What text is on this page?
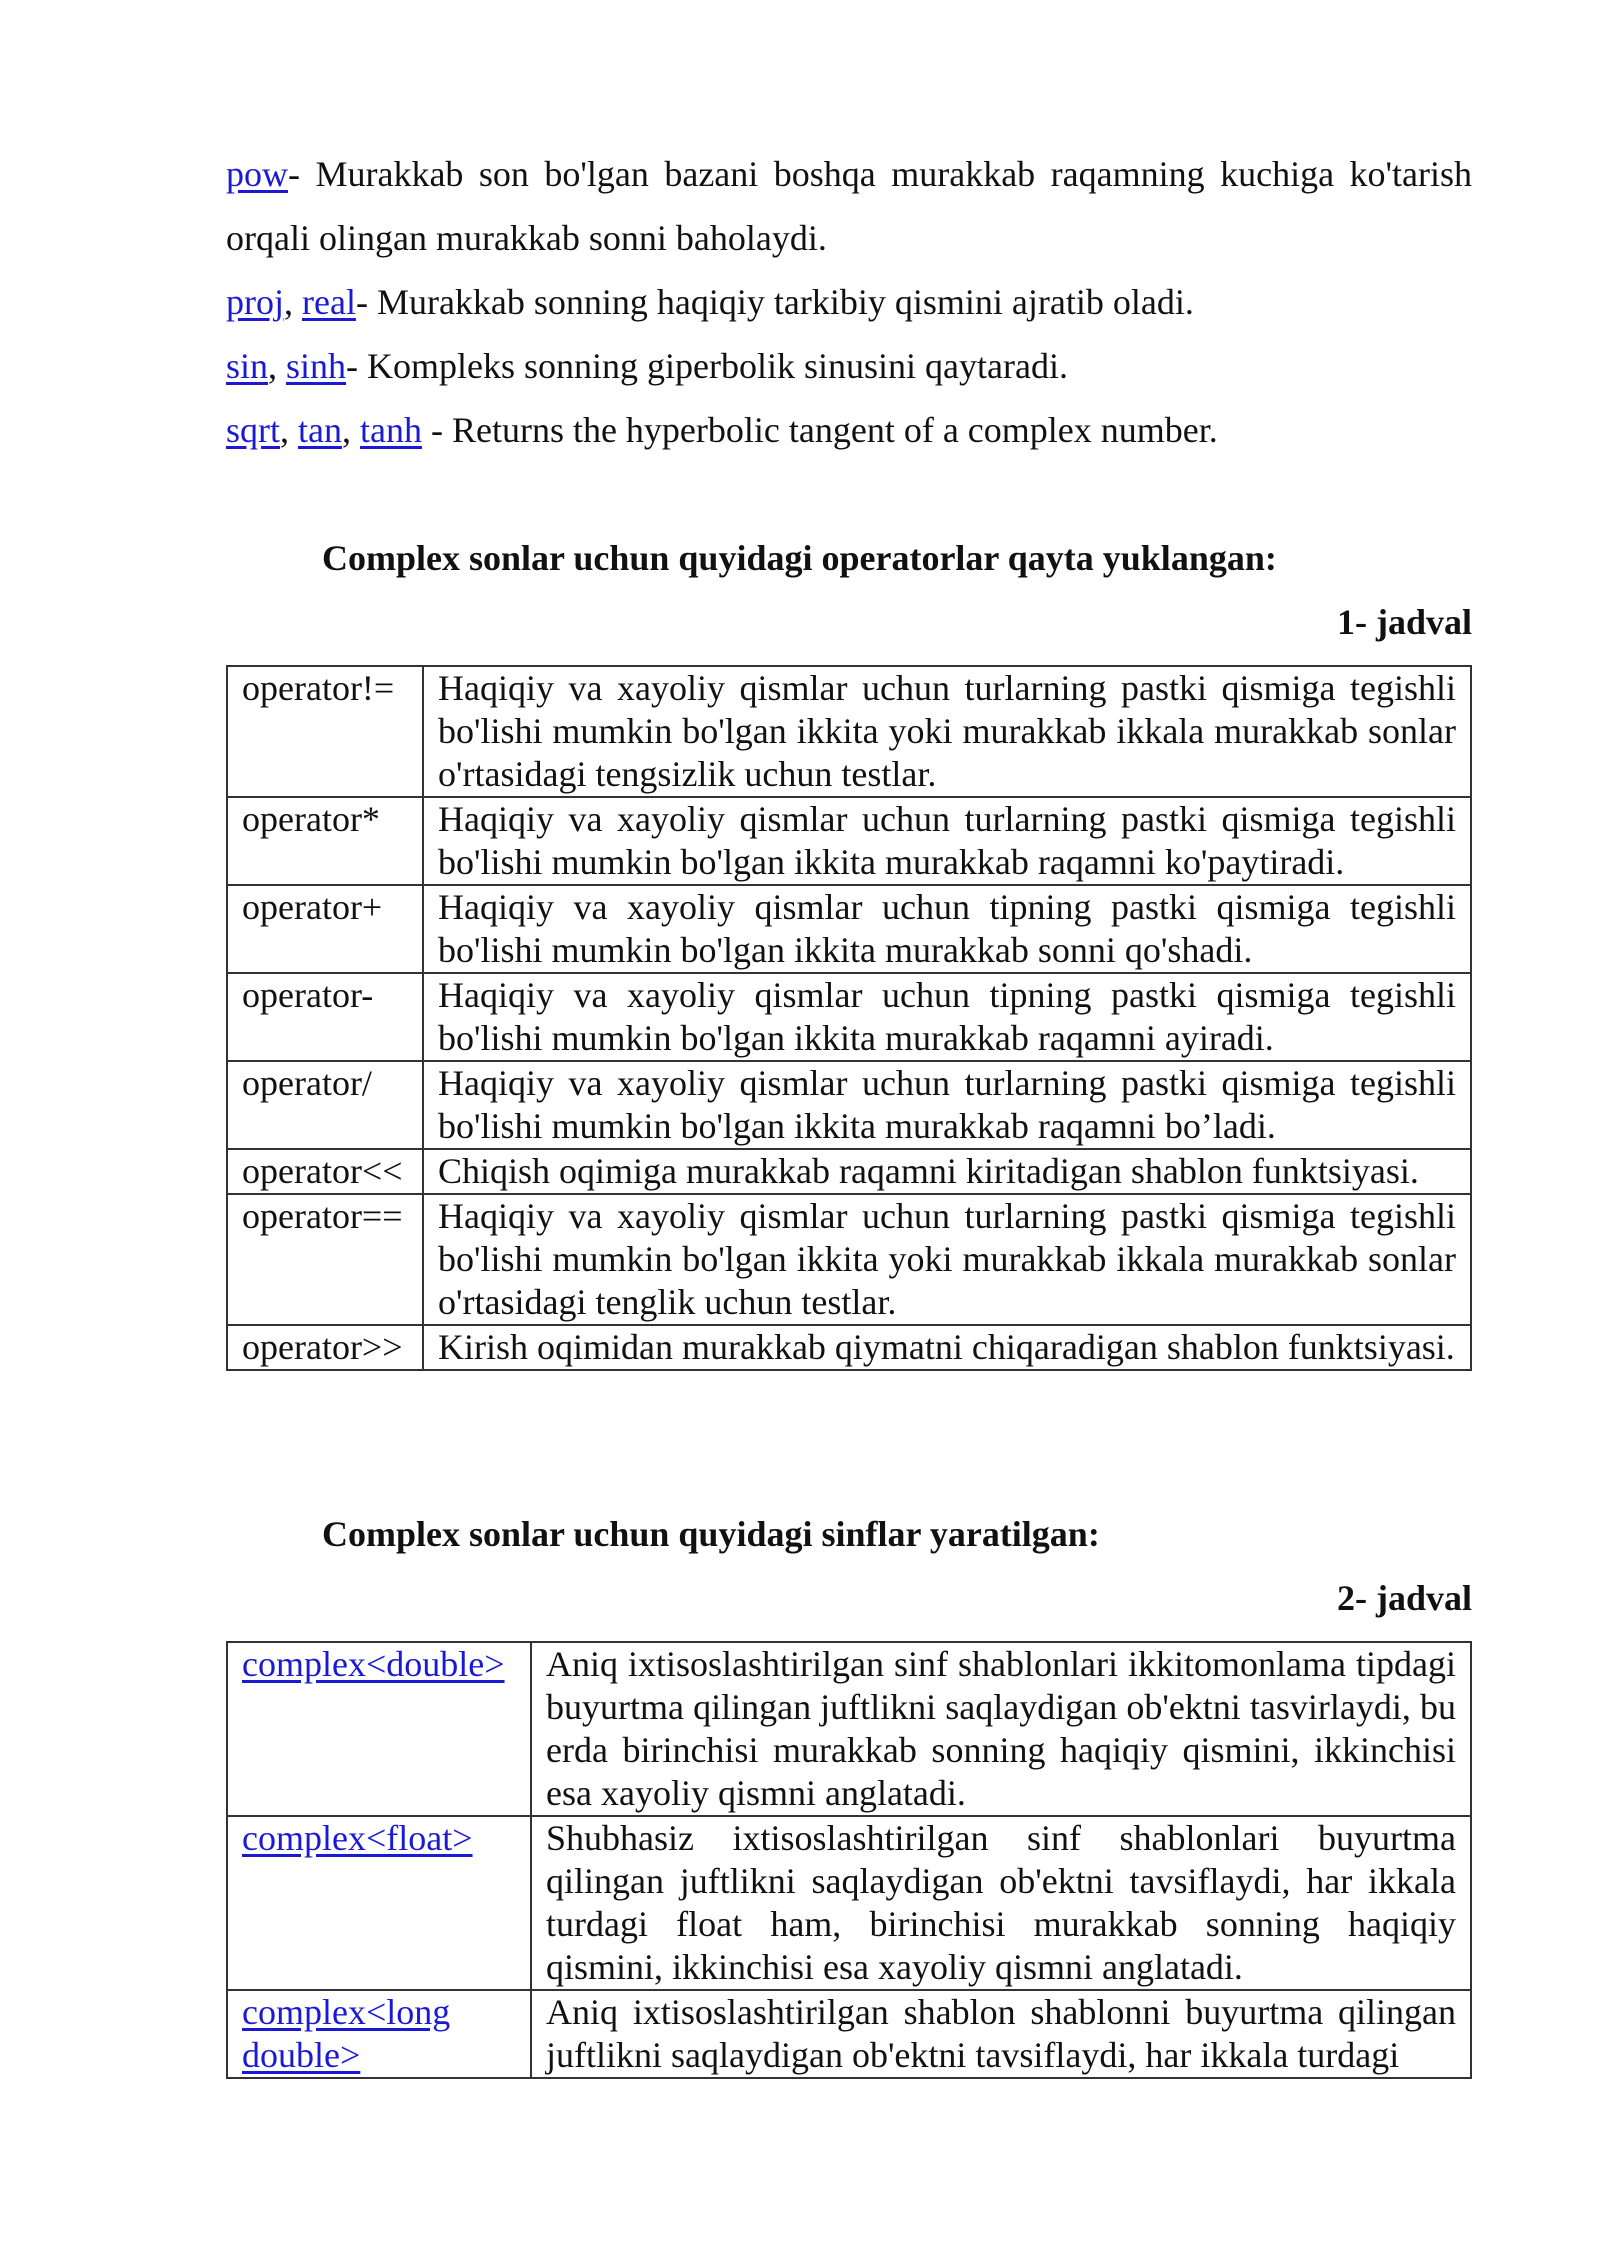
pow- Murakkab son bo'lgan bazani boshqa murakkab raqamning kuchiga ko'tarish orqali olingan murakkab sonni baholaydi.
proj, real- Murakkab sonning haqiqiy tarkibiy qismini ajratib oladi.
sin, sinh- Kompleks sonning giperbolik sinusini qaytaradi.
sqrt, tan, tanh - Returns the hyperbolic tangent of a complex number.
Complex sonlar uchun quyidagi operatorlar qayta yuklangan:
1- jadval
operator!=	Haqiqiy va xayoliy qismlar uchun turlarning pastki qismiga tegishli bo'lishi mumkin bo'lgan ikkita yoki murakkab ikkala murakkab sonlar o'rtasidagi tengsizlik uchun testlar.
operator*	Haqiqiy va xayoliy qismlar uchun turlarning pastki qismiga tegishli bo'lishi mumkin bo'lgan ikkita murakkab raqamni ko'paytiradi.
operator+	Haqiqiy va xayoliy qismlar uchun tipning pastki qismiga tegishli bo'lishi mumkin bo'lgan ikkita murakkab sonni qo'shadi.
operator-	Haqiqiy va xayoliy qismlar uchun tipning pastki qismiga tegishli bo'lishi mumkin bo'lgan ikkita murakkab raqamni ayiradi.
operator/	Haqiqiy va xayoliy qismlar uchun turlarning pastki qismiga tegishli bo'lishi mumkin bo'lgan ikkita murakkab raqamni bo’ladi.
operator<<	Chiqish oqimiga murakkab raqamni kiritadigan shablon funktsiyasi.
operator==	Haqiqiy va xayoliy qismlar uchun turlarning pastki qismiga tegishli bo'lishi mumkin bo'lgan ikkita yoki murakkab ikkala murakkab sonlar o'rtasidagi tenglik uchun testlar.
operator>>	Kirish oqimidan murakkab qiymatni chiqaradigan shablon funktsiyasi.
Complex sonlar uchun quyidagi sinflar yaratilgan:
2- jadval
complex<double>	Aniq ixtisoslashtirilgan sinf shablonlari ikkitomonlama tipdagi buyurtma qilingan juftlikni saqlaydigan ob'ektni tasvirlaydi, bu erda birinchisi murakkab sonning haqiqiy qismini, ikkinchisi esa xayoliy qismni anglatadi.
complex<float>	Shubhasiz ixtisoslashtirilgan sinf shablonlari buyurtma qilingan juftlikni saqlaydigan ob'ektni tavsiflaydi, har ikkala turdagi float ham, birinchisi murakkab sonning haqiqiy qismini, ikkinchisi esa xayoliy qismni anglatadi.
complex<long double>	Aniq ixtisoslashtirilgan shablon shablonni buyurtma qilingan juftlikni saqlaydigan ob'ektni tavsiflaydi, har ikkala turdagi
